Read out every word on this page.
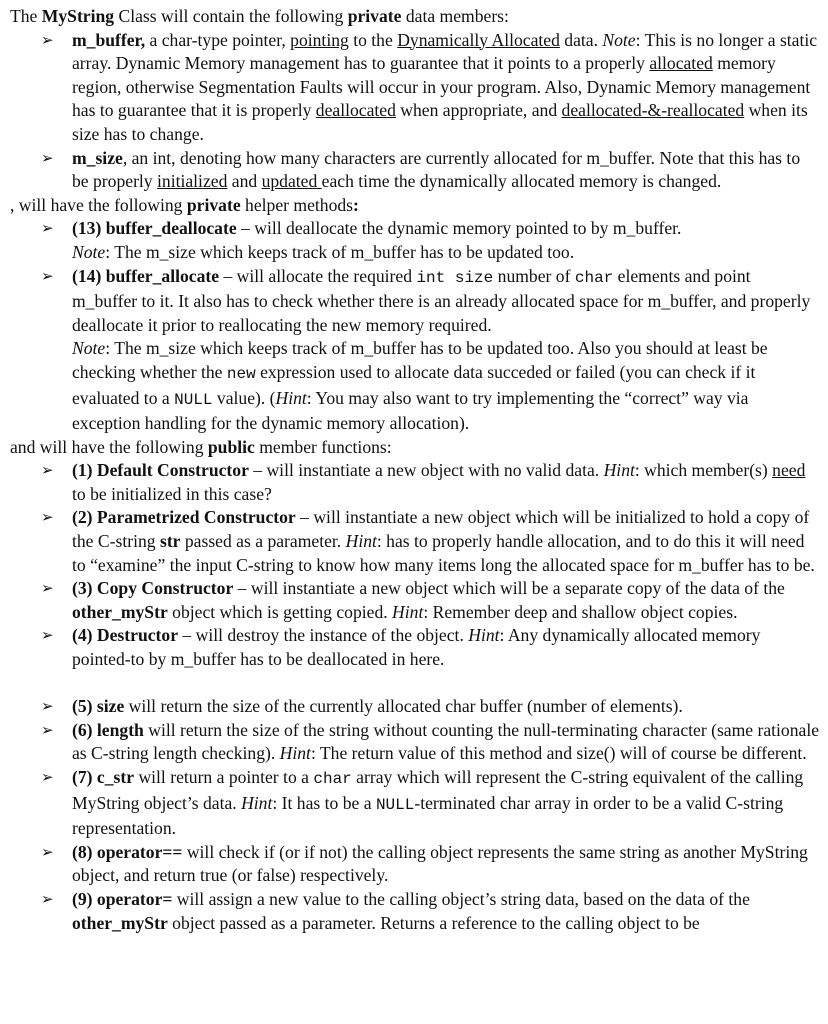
The MyString Class will contain the following private data members:

➢ m_buffer, a char-type pointer, pointing to the Dynamically Allocated data. Note: This is no longer a static array. Dynamic Memory management has to guarantee that it points to a properly allocated memory region, otherwise Segmentation Faults will occur in your program. Also, Dynamic Memory management has to guarantee that it is properly deallocated when appropriate, and deallocated-&-reallocated when its size has to change.
➢ m_size, an int, denoting how many characters are currently allocated for m_buffer. Note that this has to be properly initialized and updated each time the dynamically allocated memory is changed.

, will have the following private helper methods:

➢ (13) buffer_deallocate – will deallocate the dynamic memory pointed to by m_buffer.
Note: The m_size which keeps track of m_buffer has to be updated too.
➢ (14) buffer_allocate – will allocate the required int size number of char elements and point m_buffer to it. It also has to check whether there is an already allocated space for m_buffer, and properly deallocate it prior to reallocating the new memory required.
Note: The m_size which keeps track of m_buffer has to be updated too. Also you should at least be checking whether the new expression used to allocate data succeded or failed (you can check if it evaluated to a NULL value). (Hint: You may also want to try implementing the “correct” way via exception handling for the dynamic memory allocation).

and will have the following public member functions:

➢ (1) Default Constructor – will instantiate a new object with no valid data. Hint: which member(s) need to be initialized in this case?
➢ (2) Parametrized Constructor – will instantiate a new object which will be initialized to hold a copy of the C-string str passed as a parameter. Hint: has to properly handle allocation, and to do this it will need to “examine” the input C-string to know how many items long the allocated space for m_buffer has to be.
➢ (3) Copy Constructor – will instantiate a new object which will be a separate copy of the data of the other_myStr object which is getting copied. Hint: Remember deep and shallow object copies.
➢ (4) Destructor – will destroy the instance of the object. Hint: Any dynamically allocated memory pointed-to by m_buffer has to be deallocated in here.
➢ (5) size will return the size of the currently allocated char buffer (number of elements).
➢ (6) length will return the size of the string without counting the null-terminating character (same rationale as C-string length checking). Hint: The return value of this method and size() will of course be different.
➢ (7) c_str will return a pointer to a char array which will represent the C-string equivalent of the calling MyString object’s data. Hint: It has to be a NULL-terminated char array in order to be a valid C-string representation.
➢ (8) operator== will check if (or if not) the calling object represents the same string as another MyString object, and return true (or false) respectively.
➢ (9) operator= will assign a new value to the calling object’s string data, based on the data of the other_myStr object passed as a parameter. Returns a reference to the calling object to be
